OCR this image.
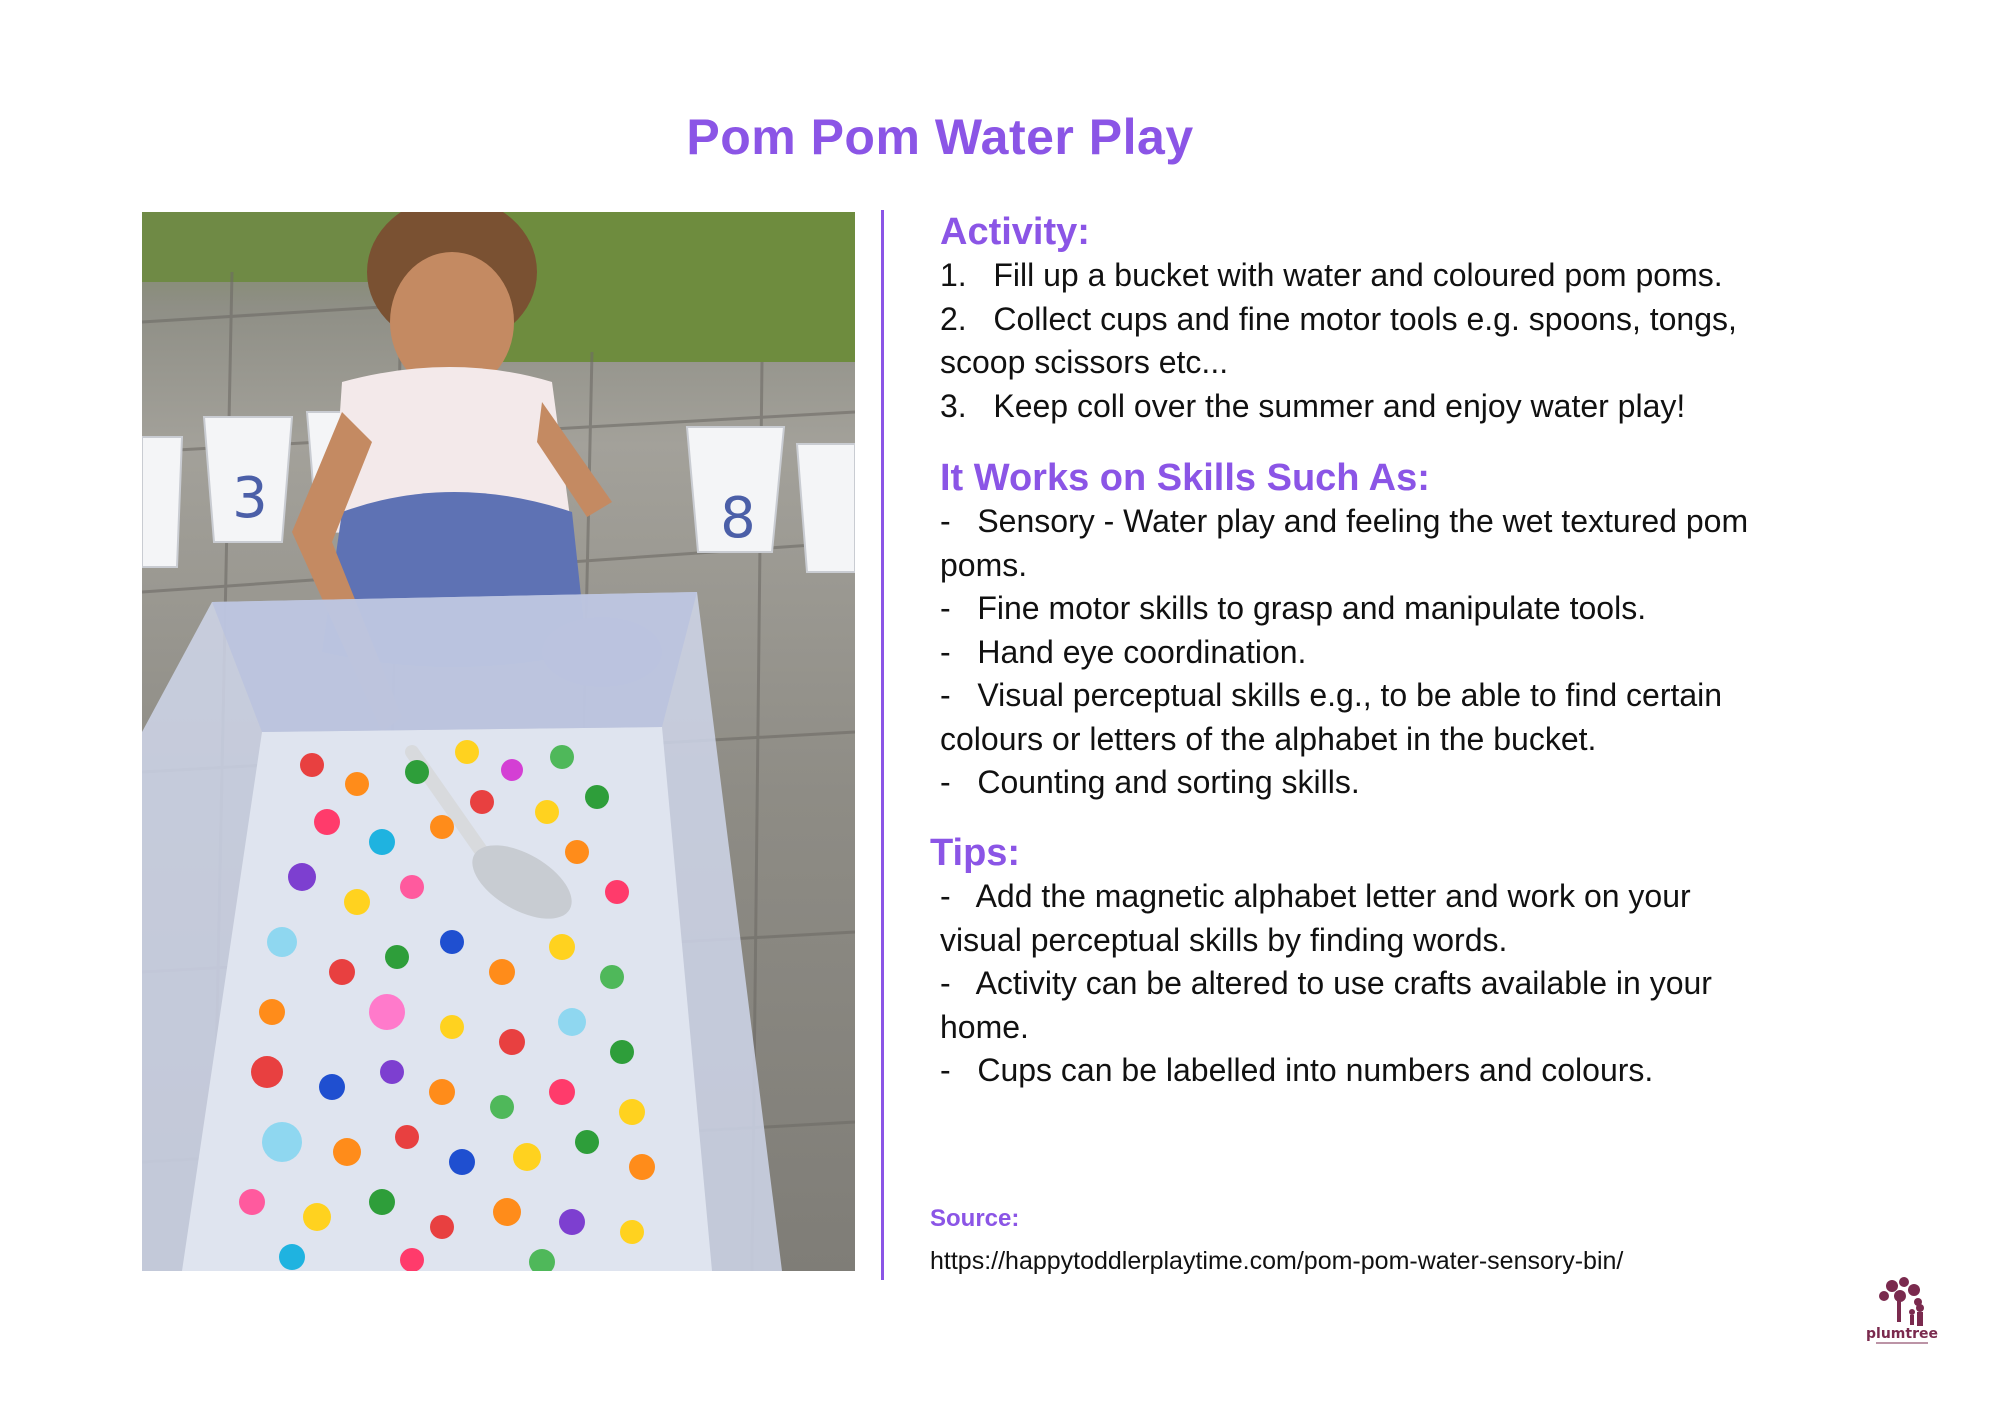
Pom Pom Water Play
3	8

Activity:

1.   Fill up a bucket with water and coloured pom poms.

2.   Collect cups and fine motor tools e.g. spoons, tongs,

scoop scissors etc...

3.   Keep coll over the summer and enjoy water play!

It Works on Skills Such As:

-   Sensory - Water play and feeling the wet textured pom

poms.

-   Fine motor skills to grasp and manipulate tools.

-   Hand eye coordination.

-   Visual perceptual skills e.g., to be able to find certain

colours or letters of the alphabet in the bucket.

-   Counting and sorting skills.

Tips:

-   Add the magnetic alphabet letter and work on your

visual perceptual skills by finding words.

-   Activity can be altered to use crafts available in your

home.

-   Cups can be labelled into numbers and colours.

Source:
https://happytoddlerplaytime.com/pom-pom-water-sensory-bin/
plumtree
